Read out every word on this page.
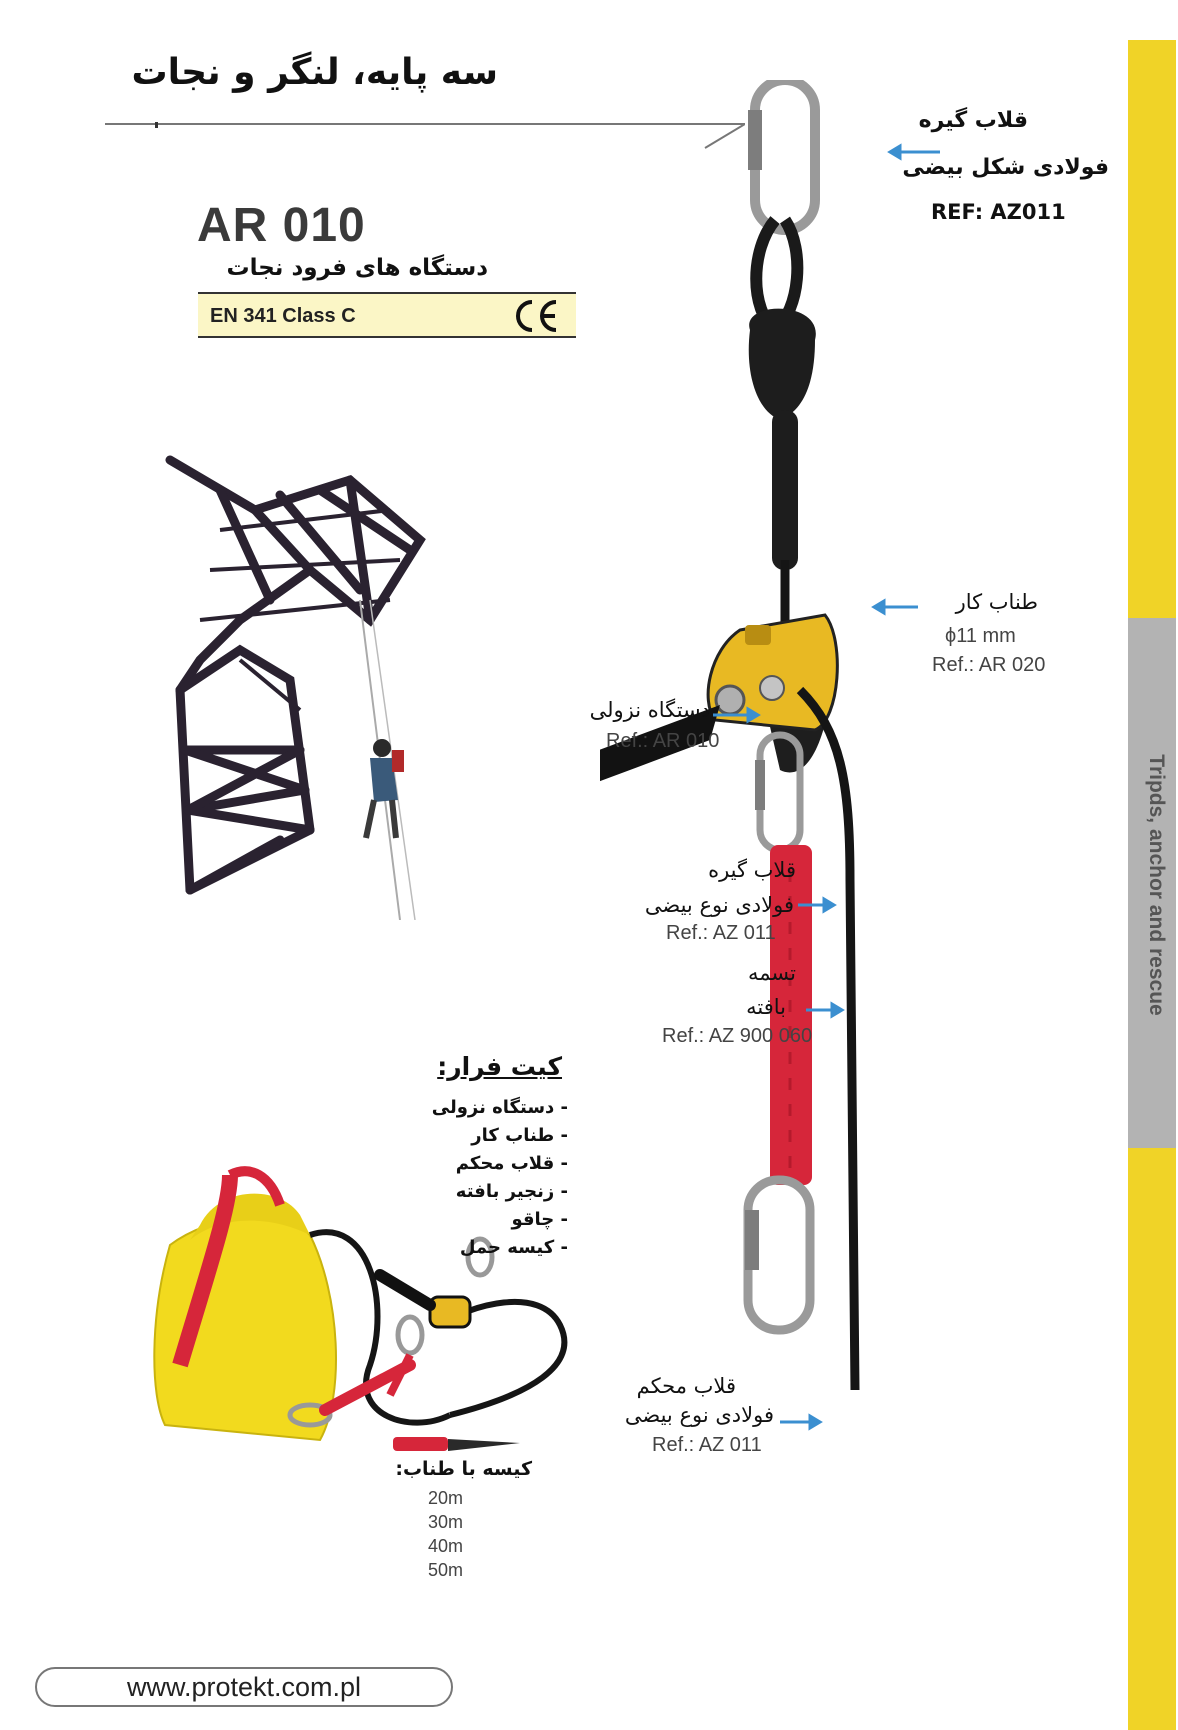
سه پایه، لنگر و نجات
AR 010
دستگاه های فرود نجات
EN 341 Class C
قلاب گیره
فولادی شکل بیضی
REF: AZ011
طناب کار
ϕ11 mm
Ref.: AR 020
دستگاه نزولی
Ref.: AR 010
قلاب گیره
فولادی نوع بیضی
Ref.: AZ 011
تسمه
بافته
Ref.: AZ 900 060
قلاب محکم
فولادی نوع بیضی
Ref.: AZ 011
کیت فرار:
- دستگاه نزولی
- طناب کار
- قلاب محکم
- زنجیر بافته
- چاقو
- کیسه حمل
کیسه با طناب:
20m
30m
40m
50m
www.protekt.com.pl
Tripds, anchor and rescue
